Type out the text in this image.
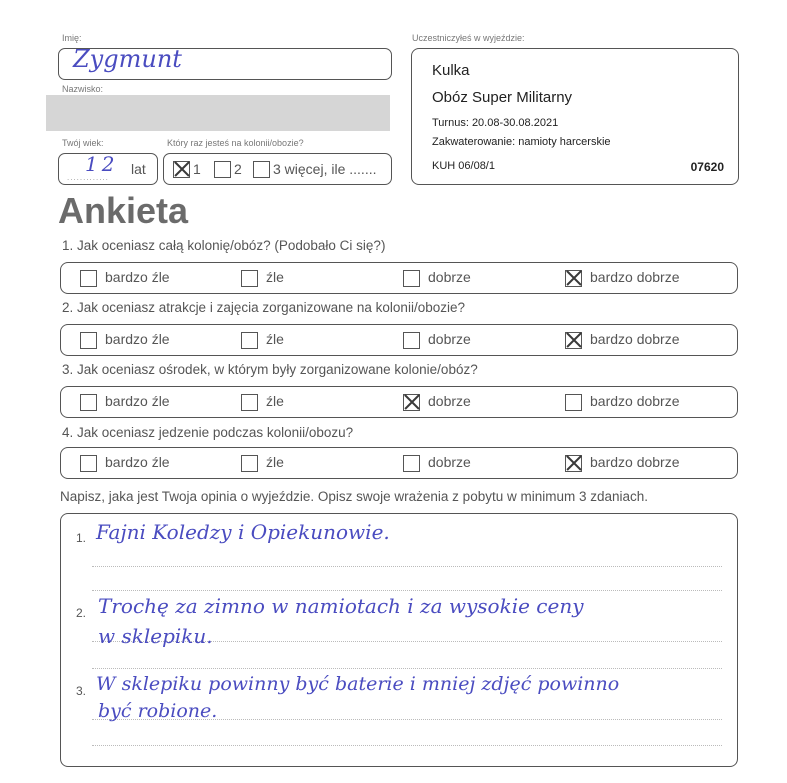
Imię:
Zygmunt
Nazwisko:
Twój wiek:
12
.............
lat
Który raz jesteś na kolonii/obozie?
1 2 3 więcej, ile .......
Uczestniczyłeś w wyjeździe:
Kulka
Obóz Super Militarny
Turnus: 20.08-30.08.2021
Zakwaterowanie: namioty harcerskie
KUH 06/08/1	07620
Ankieta
1. Jak oceniasz całą kolonię/obóz? (Podobało Ci się?)
bardzo źle	źle	dobrze	bardzo dobrze
2. Jak oceniasz atrakcje i zajęcia zorganizowane na kolonii/obozie?
bardzo źle	źle	dobrze	bardzo dobrze
3. Jak oceniasz ośrodek, w którym były zorganizowane kolonie/obóz?
bardzo źle	źle	dobrze	bardzo dobrze
4. Jak oceniasz jedzenie podczas kolonii/obozu?
bardzo źle	źle	dobrze	bardzo dobrze
Napisz, jaka jest Twoja opinia o wyjeździe. Opisz swoje wrażenia z pobytu w minimum 3 zdaniach.
1. Fajni Koledzy i Opiekunowie.
2. Trochę za zimno w namiotach i za wysokie ceny
w sklepiku.
3. W sklepiku powinny być baterie i mniej zdjęć powinno
być robione.
